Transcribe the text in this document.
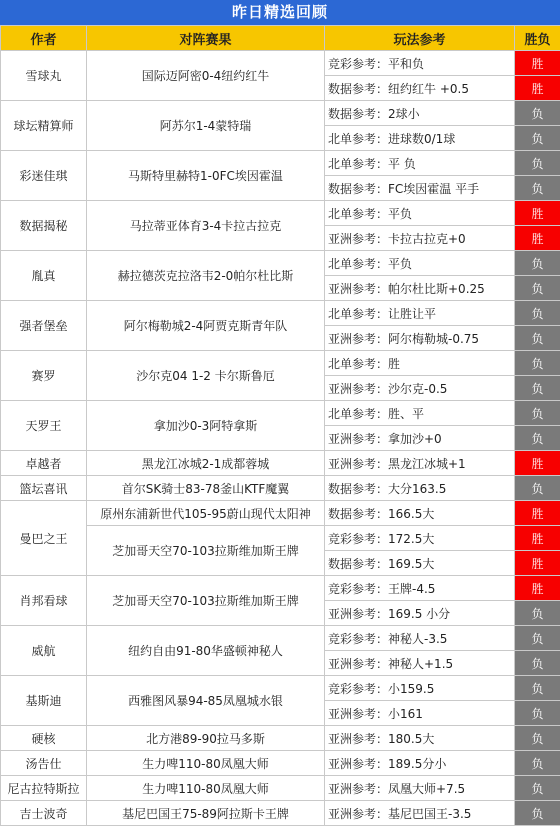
昨日精选回顾
作者	对阵赛果	玩法参考	胜负
雪球丸	国际迈阿密0-4纽约红牛	竞彩参考：平和负	胜
		数据参考：纽约红牛 +0.5	胜
球坛精算师	阿苏尔1-4蒙特瑞	数据参考：2球小	负
		北单参考：进球数0/1球	负
彩迷佳琪	马斯特里赫特1-0FC埃因霍温	北单参考：平 负	负
		数据参考：FC埃因霍温 平手	负
数据揭秘	马拉蒂亚体育3-4卡拉古拉克	北单参考：平负	胜
		亚洲参考：卡拉古拉克+0	胜
胤真	赫拉德茨克拉洛韦2-0帕尔杜比斯	北单参考：平负	负
		亚洲参考：帕尔杜比斯+0.25	负
强者堡垒	阿尔梅勒城2-4阿贾克斯青年队	北单参考：让胜让平	负
		亚洲参考：阿尔梅勒城-0.75	负
赛罗	沙尔克04 1-2 卡尔斯鲁厄	北单参考：胜	负
		亚洲参考：沙尔克-0.5	负
天罗王	拿加沙0-3阿特拿斯	北单参考：胜、平	负
		亚洲参考：拿加沙+0	负
卓越者	黑龙江冰城2-1成都蓉城	亚洲参考：黑龙江冰城+1	胜
篮坛喜讯	首尔SK骑士83-78釜山KTF魔翼	数据参考：大分163.5	负
曼巴之王	原州东浦新世代105-95蔚山现代太阳神	数据参考：166.5大	胜
	芝加哥天空70-103拉斯维加斯王牌	竞彩参考：172.5大	胜
		数据参考：169.5大	胜
肖邦看球	芝加哥天空70-103拉斯维加斯王牌	竞彩参考：王牌-4.5	胜
		亚洲参考：169.5 小分	负
威航	纽约自由91-80华盛顿神秘人	竞彩参考：神秘人-3.5	负
		亚洲参考：神秘人+1.5	负
基斯迪	西雅图风暴94-85凤凰城水银	竞彩参考：小159.5	负
		亚洲参考：小161	负
硬核	北方港89-90拉马多斯	亚洲参考：180.5大	负
汤告仕	生力啤110-80凤凰大师	亚洲参考：189.5分小	负
尼古拉特斯拉	生力啤110-80凤凰大师	亚洲参考：凤凰大师+7.5	负
吉士波奇	基尼巴国王75-89阿拉斯卡王牌	亚洲参考：基尼巴国王-3.5	负
